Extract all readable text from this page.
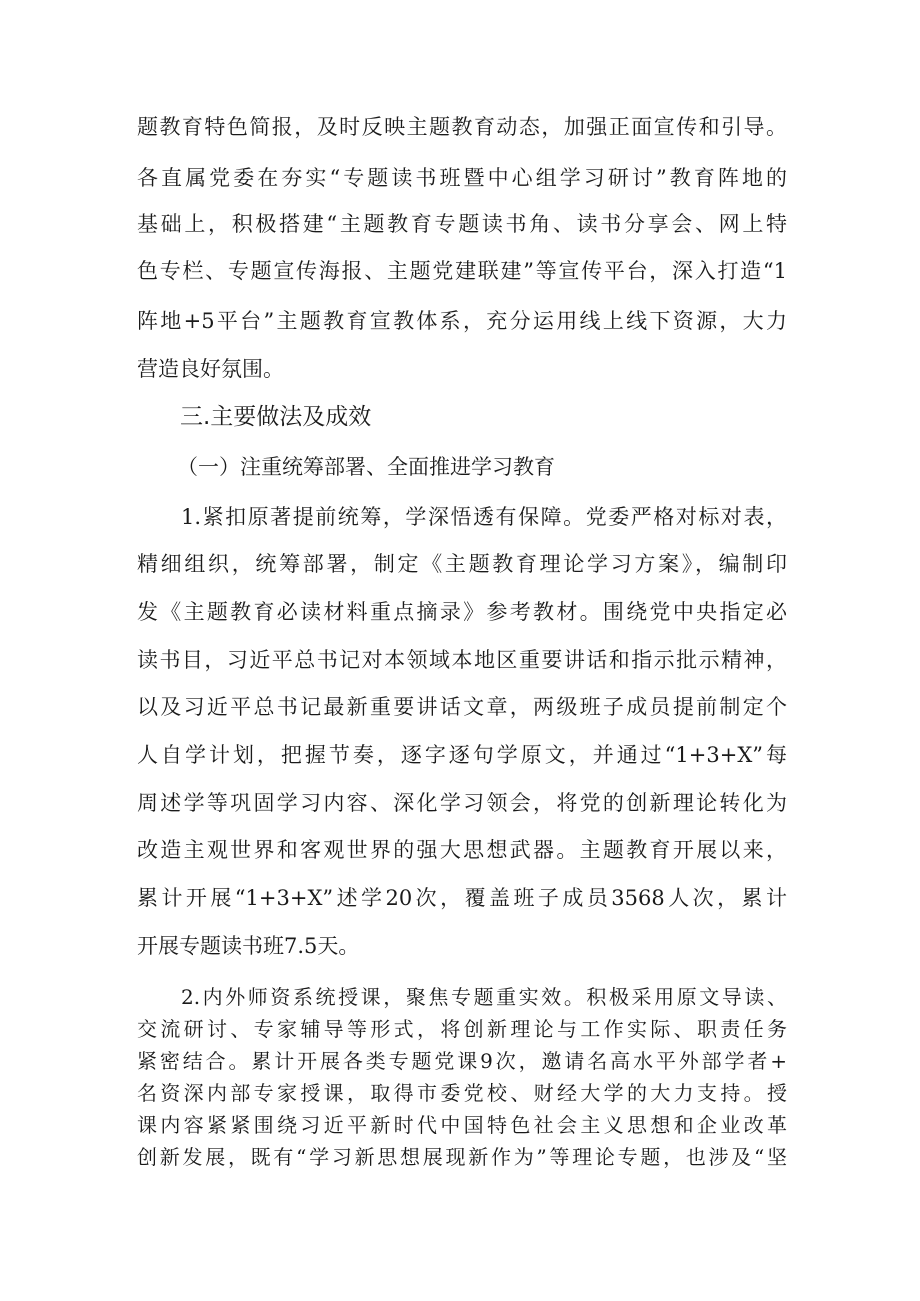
题教育特色简报，及时反映主题教育动态，加强正面宣传和引导。
各直属党委在夯实“专题读书班暨中心组学习研讨”教育阵地的
基础上，积极搭建“主题教育专题读书角、读书分享会、网上特
色专栏、专题宣传海报、主题党建联建”等宣传平台，深入打造“1
阵地+5平台”主题教育宣教体系，充分运用线上线下资源，大力
营造良好氛围。
三.主要做法及成效
（一）注重统筹部署、全面推进学习教育
1.紧扣原著提前统筹，学深悟透有保障。党委严格对标对表，
精细组织，统筹部署，制定《主题教育理论学习方案》，编制印
发《主题教育必读材料重点摘录》参考教材。围绕党中央指定必
读书目，习近平总书记对本领域本地区重要讲话和指示批示精神，
以及习近平总书记最新重要讲话文章，两级班子成员提前制定个
人自学计划，把握节奏，逐字逐句学原文，并通过“1+3+X”每
周述学等巩固学习内容、深化学习领会，将党的创新理论转化为
改造主观世界和客观世界的强大思想武器。主题教育开展以来，
累计开展“1+3+X”述学20次，覆盖班子成员3568人次，累计
开展专题读书班7.5天。
2.内外师资系统授课，聚焦专题重实效。积极采用原文导读、
交流研讨、专家辅导等形式，将创新理论与工作实际、职责任务
紧密结合。累计开展各类专题党课9次，邀请名高水平外部学者+
名资深内部专家授课，取得市委党校、财经大学的大力支持。授
课内容紧紧围绕习近平新时代中国特色社会主义思想和企业改革
创新发展，既有“学习新思想展现新作为”等理论专题，也涉及“坚
